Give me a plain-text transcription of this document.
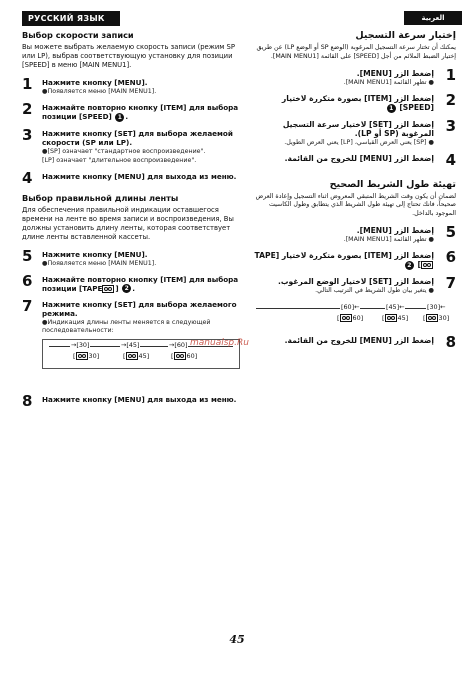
РУССКИЙ ЯЗЫК	العربية
Выбор скорости записи
Вы можете выбрать желаемую скорость записи (режим SP или LP), выбрав соответствующую установку для позиции [SPEED] в меню [MAIN MENU1].
1 Нажмите кнопку [MENU].
●Появляется меню [MAIN MENU1].
2 Нажмайте повторно кнопку [ITEM] для выбора позиции [SPEED] 1 .
3 Нажмите кнопку [SET] для выбора желаемой скорости (SP или LP).
●[SP] означает "стандартное воспроизведение".
[LP] означает "длительное воспроизведение".
4 Нажмите кнопку [MENU] для выхода из меню.
Выбор правильной длины ленты
Для обеспечения правильной индикации оставшегося времени на ленте во время записи и воспроизведения, Вы должны установить длину ленты, которая соответствует длине ленты вставленной кассеты.
5 Нажмите кнопку [MENU].
●Появляется меню [MAIN MENU1].
6 Нажмайте повторно кнопку [ITEM] для выбора позиции [TAPE ] 2 .
7 Нажмите кнопку [SET] для выбора желаемого режима.
●Индикация длины ленты меняется в следующей последовательности:
→[30]	→[45]	→[60]
[ 30]	[ 45]	[ 60]
8 Нажмите кнопку [MENU] для выхода из меню.
إختيار سرعة التسجيل
يمكنك أن تختار سرعة التسجيل المرغوبة (الوضع SP أو الوضع LP) عن طريق إختيار الضبط الملائم من أجل [SPEED] على القائمة [MAIN MENU1].
1
إضغط الزر [MENU].
● تظهر القائمة [MAIN MENU1].
2
إضغط الزر [ITEM] بصورة متكررة لاختيار [SPEED] 1
3
إضغط الزر [SET] لاختيار سرعة التسجيل المرغوبة (SP أو LP).
● [SP] يعني العرض القياسي، [LP] يعني العرض الطويل.
4
إضغط الزر [MENU] للخروج من القائمة.
تهيئة طول الشريط الصحيح
لضمان أن يكون وقت الشريط المتبقي المعروض اثناء التسجيل وإعادة العرض صحيحاً، فانك تحتاج إلى تهيئة طول الشريط الذي يتطابق وطول الكاسيت الموجود بالداخل.
5
إضغط الزر [MENU].
● تظهر القائمة [MAIN MENU1].
6
إضغط الزر [ITEM] بصورة متكررة لاختيار [TAPE] 2
7
إضغط الزر [SET] لاختيار الوضع المرغوب.
● يتغير بيان طول الشريط في الترتيب التالي.
[60]←	[45]←	[30]←
[ 60]	[ 45] [ 30]
8
إضغط الزر [MENU] للخروج من القائمة.
manualsp.Ru
45
